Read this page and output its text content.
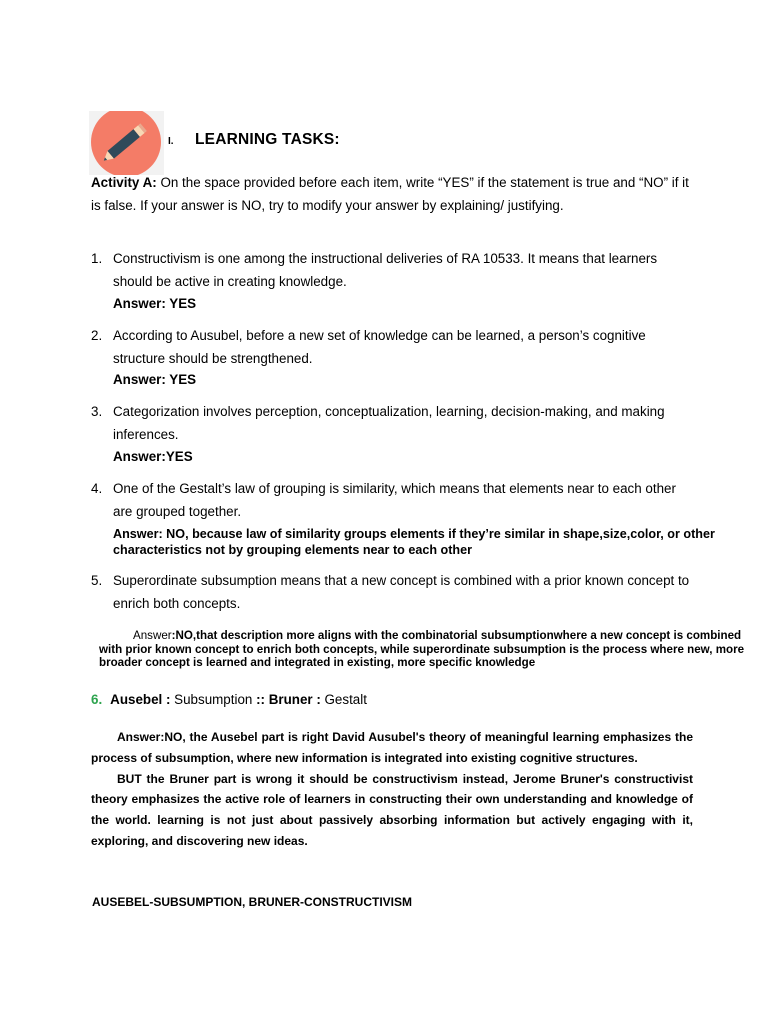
I. LEARNING TASKS:
Activity A: On the space provided before each item, write “YES” if the statement is true and “NO” if it is false. If your answer is NO, try to modify your answer by explaining/ justifying.
1. Constructivism is one among the instructional deliveries of RA 10533. It means that learners should be active in creating knowledge.
Answer: YES
2. According to Ausubel, before a new set of knowledge can be learned, a person’s cognitive structure should be strengthened.
Answer: YES
3. Categorization involves perception, conceptualization, learning, decision-making, and making inferences.
Answer:YES
4. One of the Gestalt’s law of grouping is similarity, which means that elements near to each other are grouped together.
Answer: NO, because law of similarity groups elements if they’re similar in shape,size,color, or other characteristics not by grouping elements near to each other
5. Superordinate subsumption means that a new concept is combined with a prior known concept to enrich both concepts.
Answer:NO,that description more aligns with the combinatorial subsumptionwhere a new concept is combined with prior known concept to enrich both concepts, while superordinate subsumption is the process where new, more broader concept is learned and integrated in existing, more specific knowledge
6. Ausebel : Subsumption :: Bruner : Gestalt

Answer:NO, the Ausebel part is right David Ausubel's theory of meaningful learning emphasizes the process of subsumption, where new information is integrated into existing cognitive structures.

BUT the Bruner part is wrong it should be constructivism instead, Jerome Bruner's constructivist theory emphasizes the active role of learners in constructing their own understanding and knowledge of the world. learning is not just about passively absorbing information but actively engaging with it, exploring, and discovering new ideas.

AUSEBEL-SUBSUMPTION, BRUNER-CONSTRUCTIVISM
